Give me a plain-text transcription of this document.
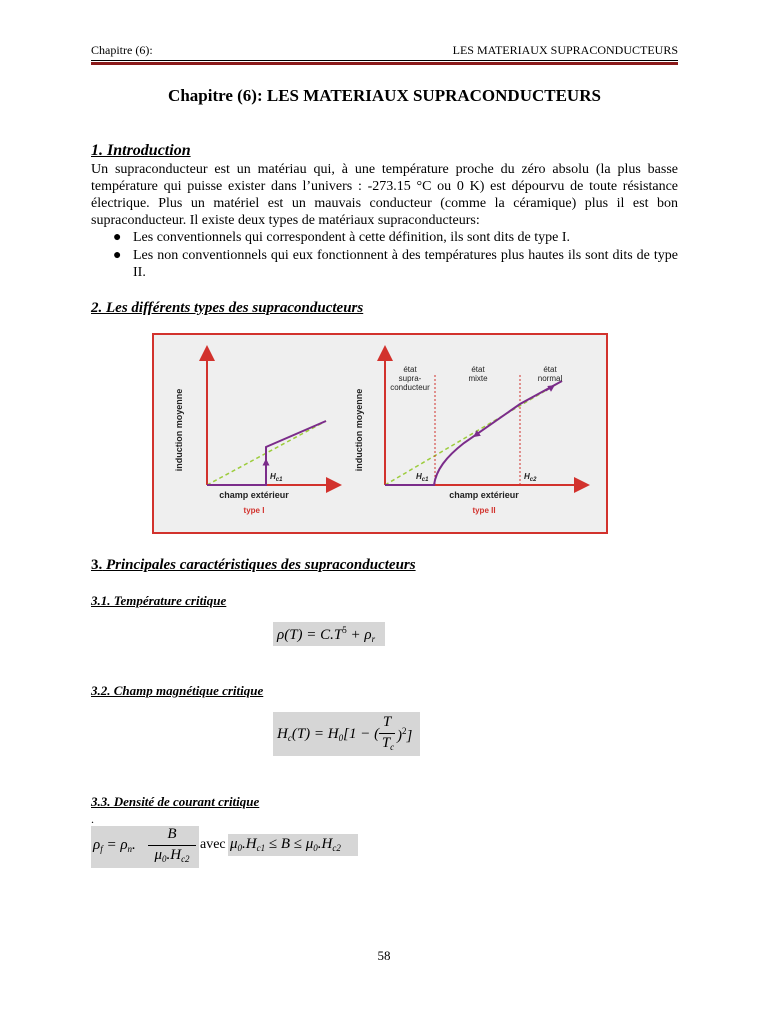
Chapitre (6):	LES MATERIAUX SUPRACONDUCTEURS
Chapitre (6): LES MATERIAUX SUPRACONDUCTEURS
1. Introduction
Un supraconducteur est un matériau qui, à une température proche du zéro absolu (la plus basse température qui puisse exister dans l’univers : -273.15 °C ou 0 K) est dépourvu de toute résistance électrique. Plus un matériel est un mauvais conducteur (comme la céramique) plus il est bon supraconducteur. Il existe deux types de matériaux supraconducteurs:
● Les conventionnels qui correspondent à cette définition, ils sont dits de type I.
● Les non conventionnels qui eux fonctionnent à des températures plus hautes ils sont dits de type II.
2. Les différents types des supraconducteurs
induction moyenne
champ extérieur
type I
$H_{c1}$
induction moyenne
champ extérieur
type II
$H_{c1}$	$H_{c2}$
état
supra-
conducteur
état
mixte
état
normal
3. Principales caractéristiques des supraconducteurs
3.1. Température critique
$\rho(T) = C.T^5 + \rho_r$
3.2. Champ magnétique critique
$H_c(T) = H_0[1$ − (
T
$T_c$
)$^2$]
3.3. Densité de courant critique
.
$\rho_f = \rho_n$.
B
$\mu_0.H_{c2}$
avec $\mu_0.H_{c1} \le B \le \mu_0.H_{c2}$
58
